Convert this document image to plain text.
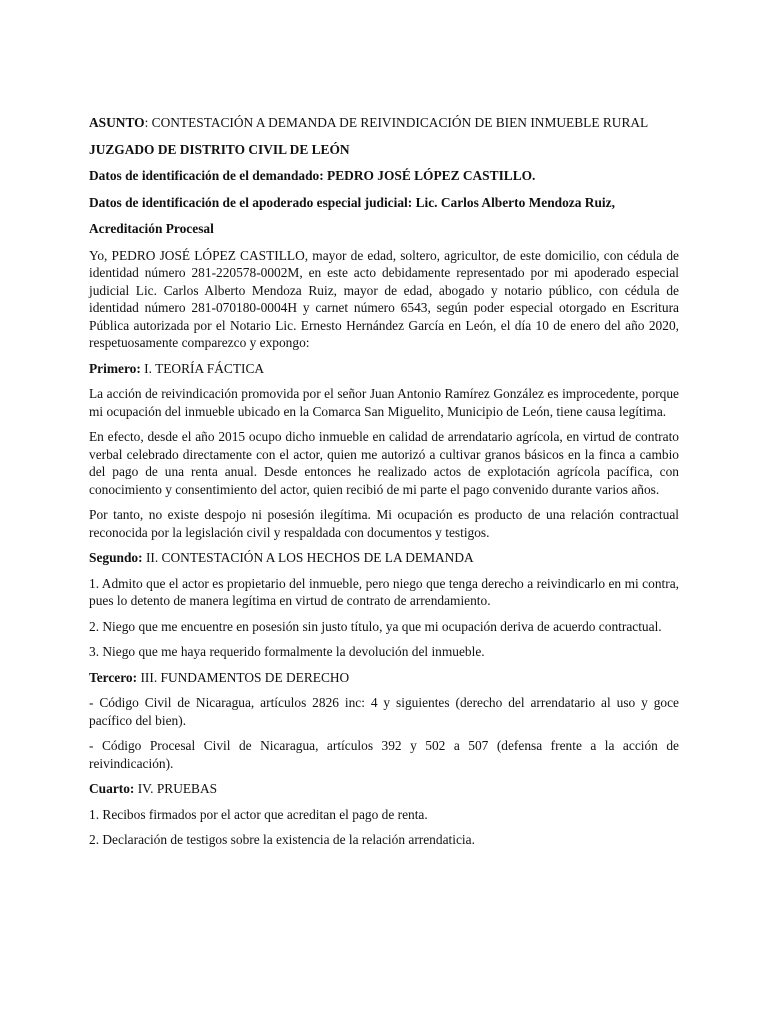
ASUNTO: CONTESTACIÓN A DEMANDA DE REIVINDICACIÓN DE BIEN INMUEBLE RURAL

JUZGADO DE DISTRITO CIVIL DE LEÓN

Datos de identificación de el demandado: PEDRO JOSÉ LÓPEZ CASTILLO.

Datos de identificación de el apoderado especial judicial: Lic. Carlos Alberto Mendoza Ruiz,

Acreditación Procesal

Yo, PEDRO JOSÉ LÓPEZ CASTILLO, mayor de edad, soltero, agricultor, de este domicilio, con cédula de identidad número 281-220578-0002M, en este acto debidamente representado por mi apoderado especial judicial Lic. Carlos Alberto Mendoza Ruiz, mayor de edad, abogado y notario público, con cédula de identidad número 281-070180-0004H y carnet número 6543, según poder especial otorgado en Escritura Pública autorizada por el Notario Lic. Ernesto Hernández García en León, el día 10 de enero del año 2020, respetuosamente comparezco y expongo:

Primero: I. TEORÍA FÁCTICA

La acción de reivindicación promovida por el señor Juan Antonio Ramírez González es improcedente, porque mi ocupación del inmueble ubicado en la Comarca San Miguelito, Municipio de León, tiene causa legítima.

En efecto, desde el año 2015 ocupo dicho inmueble en calidad de arrendatario agrícola, en virtud de contrato verbal celebrado directamente con el actor, quien me autorizó a cultivar granos básicos en la finca a cambio del pago de una renta anual. Desde entonces he realizado actos de explotación agrícola pacífica, con conocimiento y consentimiento del actor, quien recibió de mi parte el pago convenido durante varios años.

Por tanto, no existe despojo ni posesión ilegítima. Mi ocupación es producto de una relación contractual reconocida por la legislación civil y respaldada con documentos y testigos.

Segundo: II. CONTESTACIÓN A LOS HECHOS DE LA DEMANDA

1. Admito que el actor es propietario del inmueble, pero niego que tenga derecho a reivindicarlo en mi contra, pues lo detento de manera legítima en virtud de contrato de arrendamiento.

2. Niego que me encuentre en posesión sin justo título, ya que mi ocupación deriva de acuerdo contractual.

3. Niego que me haya requerido formalmente la devolución del inmueble.

Tercero: III. FUNDAMENTOS DE DERECHO

- Código Civil de Nicaragua, artículos 2826 inc: 4 y siguientes (derecho del arrendatario al uso y goce pacífico del bien).

- Código Procesal Civil de Nicaragua, artículos 392 y 502 a 507 (defensa frente a la acción de reivindicación).

Cuarto: IV. PRUEBAS

1. Recibos firmados por el actor que acreditan el pago de renta.

2. Declaración de testigos sobre la existencia de la relación arrendaticia.
